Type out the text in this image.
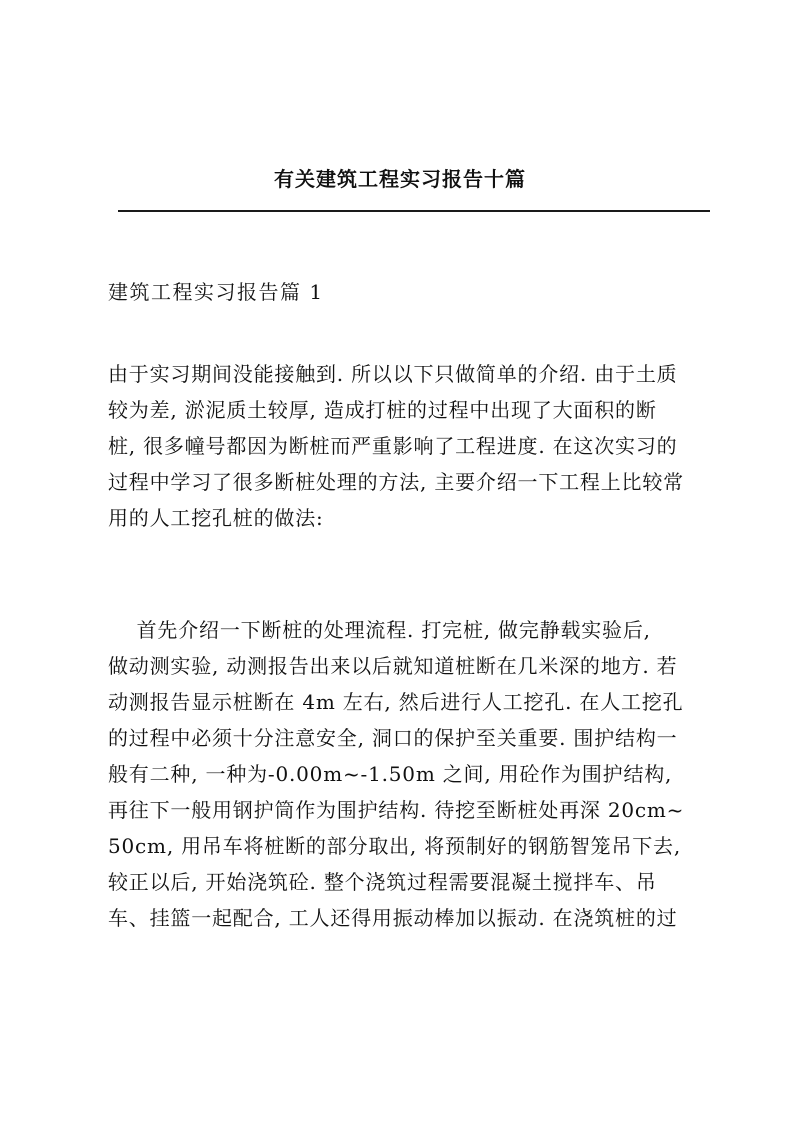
有关建筑工程实习报告十篇
建筑工程实习报告篇 1
由于实习期间没能接触到. 所以以下只做简单的介绍. 由于土质
较为差, 淤泥质土较厚, 造成打桩的过程中出现了大面积的断
桩, 很多幢号都因为断桩而严重影响了工程进度. 在这次实习的
过程中学习了很多断桩处理的方法, 主要介绍一下工程上比较常
用的人工挖孔桩的做法:
首先介绍一下断桩的处理流程. 打完桩, 做完静载实验后,
做动测实验, 动测报告出来以后就知道桩断在几米深的地方. 若
动测报告显示桩断在 4m 左右, 然后进行人工挖孔. 在人工挖孔
的过程中必须十分注意安全, 洞口的保护至关重要. 围护结构一
般有二种, 一种为-0.00m~-1.50m 之间, 用砼作为围护结构,
再往下一般用钢护筒作为围护结构. 待挖至断桩处再深 20cm~
50cm, 用吊车将桩断的部分取出, 将预制好的钢筋智笼吊下去,
较正以后, 开始浇筑砼. 整个浇筑过程需要混凝土搅拌车、吊
车、挂篮一起配合, 工人还得用振动棒加以振动. 在浇筑桩的过
